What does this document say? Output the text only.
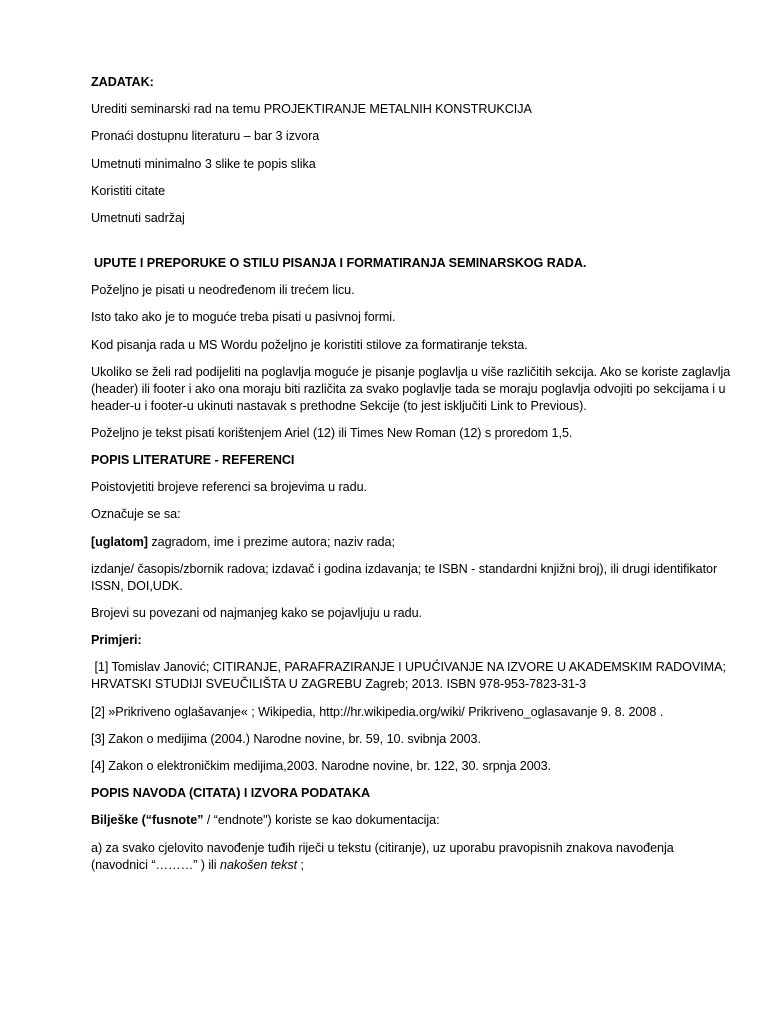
ZADATAK:

Urediti seminarski rad na temu PROJEKTIRANJE METALNIH KONSTRUKCIJA

Pronaći dostupnu literaturu – bar 3 izvora

Umetnuti minimalno 3 slike te popis slika

Koristiti citate

Umetnuti sadržaj

UPUTE I PREPORUKE O STILU PISANJA I FORMATIRANJA SEMINARSKOG RADA.

Poželjno je pisati u neodređenom ili trećem licu.

Isto tako ako je to moguće treba pisati u pasivnoj formi.

Kod pisanja rada u MS Wordu poželjno je koristiti stilove za formatiranje teksta.

Ukoliko se želi rad podijeliti na poglavlja moguće je pisanje poglavlja u više različitih sekcija. Ako se koriste zaglavlja (header) ili footer i ako ona moraju biti različita za svako poglavlje tada se moraju poglavlja odvojiti po sekcijama i u header-u i footer-u ukinuti nastavak s prethodne Sekcije (to jest isključiti Link to Previous).

Poželjno je tekst pisati korištenjem Ariel (12) ili Times New Roman (12) s proredom 1,5.

POPIS LITERATURE - REFERENCI

Poistovjetiti brojeve referenci sa brojevima u radu.

Označuje se sa:

[uglatom] zagradom, ime i prezime autora; naziv rada;

izdanje/ časopis/zbornik radova; izdavač i godina izdavanja; te ISBN - standardni knjižni broj), ili drugi identifikator ISSN, DOI,UDK.

Brojevi su povezani od najmanjeg kako se pojavljuju u radu.

Primjeri:

[1] Tomislav Janović; CITIRANJE, PARAFRAZIRANJE I UPUĆIVANJE NA IZVORE U AKADEMSKIM RADOVIMA; HRVATSKI STUDIJI SVEUČILIŠTA U ZAGREBU Zagreb; 2013. ISBN 978-953-7823-31-3

[2] »Prikriveno oglašavanje« ; Wikipedia, http://hr.wikipedia.org/wiki/ Prikriveno_oglasavanje 9. 8. 2008 .

[3] Zakon o medijima (2004.) Narodne novine, br. 59, 10. svibnja 2003.

[4] Zakon o elektroničkim medijima,2003. Narodne novine, br. 122, 30. srpnja 2003.

POPIS NAVODA (CITATA) I IZVORA PODATAKA

Bilješke (“fusnote” / “endnote") koriste se kao dokumentacija:

a) za svako cjelovito navođenje tuđih riječi u tekstu (citiranje), uz uporabu pravopisnih znakova navođenja (navodnici “………” ) ili nakošen tekst ;
